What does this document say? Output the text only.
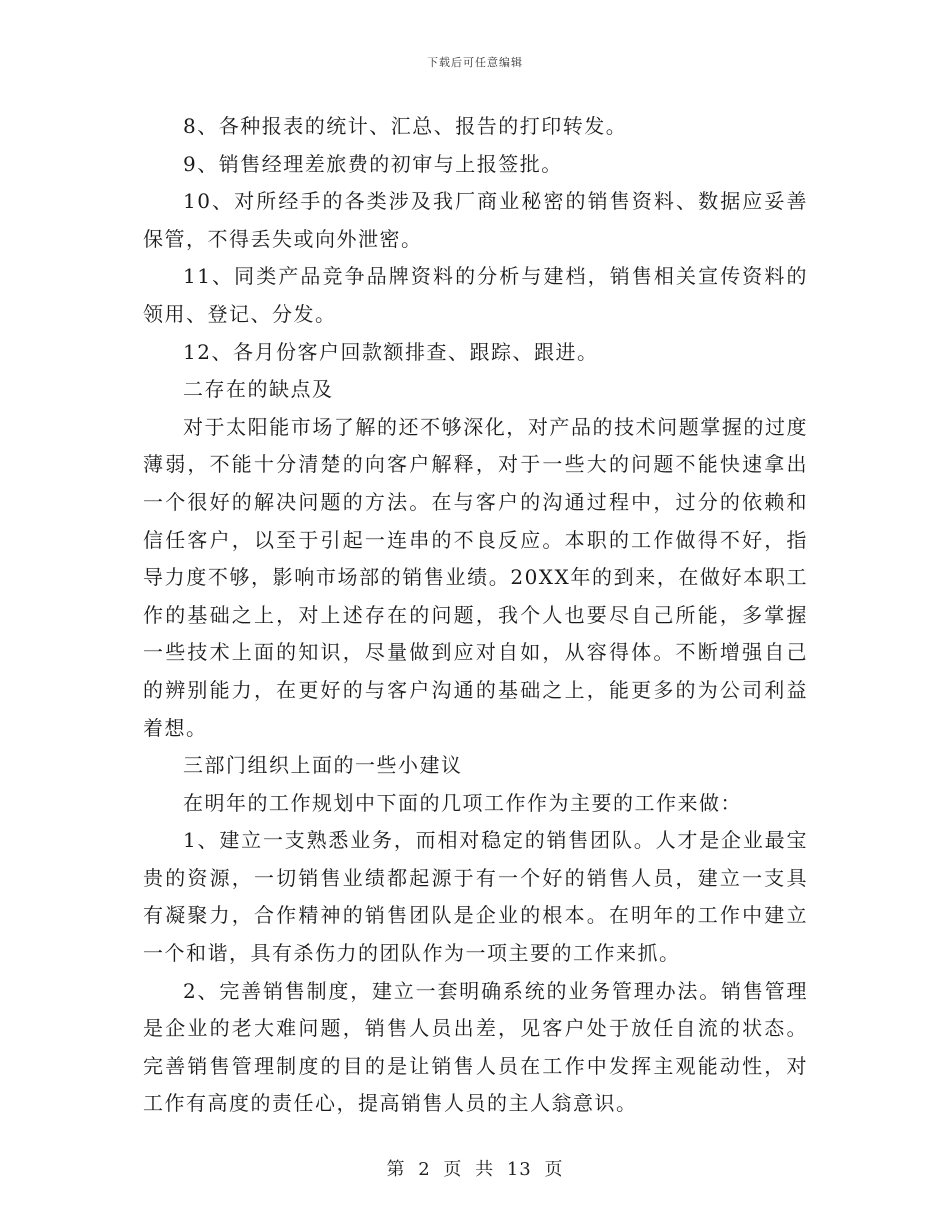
下载后可任意编辑

8、各种报表的统计、汇总、报告的打印转发。

9、销售经理差旅费的初审与上报签批。

10、对所经手的各类涉及我厂商业秘密的销售资料、数据应妥善保管，不得丢失或向外泄密。

11、同类产品竞争品牌资料的分析与建档，销售相关宣传资料的领用、登记、分发。

12、各月份客户回款额排查、跟踪、跟进。

二存在的缺点及

对于太阳能市场了解的还不够深化，对产品的技术问题掌握的过度薄弱，不能十分清楚的向客户解释，对于一些大的问题不能快速拿出一个很好的解决问题的方法。在与客户的沟通过程中，过分的依赖和信任客户，以至于引起一连串的不良反应。本职的工作做得不好，指导力度不够，影响市场部的销售业绩。20XX年的到来，在做好本职工作的基础之上，对上述存在的问题，我个人也要尽自己所能，多掌握一些技术上面的知识，尽量做到应对自如，从容得体。不断增强自己的辨别能力，在更好的与客户沟通的基础之上，能更多的为公司利益着想。

三部门组织上面的一些小建议

在明年的工作规划中下面的几项工作作为主要的工作来做：

1、建立一支熟悉业务，而相对稳定的销售团队。人才是企业最宝贵的资源，一切销售业绩都起源于有一个好的销售人员，建立一支具有凝聚力，合作精神的销售团队是企业的根本。在明年的工作中建立一个和谐，具有杀伤力的团队作为一项主要的工作来抓。

2、完善销售制度，建立一套明确系统的业务管理办法。销售管理是企业的老大难问题，销售人员出差，见客户处于放任自流的状态。完善销售管理制度的目的是让销售人员在工作中发挥主观能动性，对工作有高度的责任心，提高销售人员的主人翁意识。

第 2 页 共 13 页
